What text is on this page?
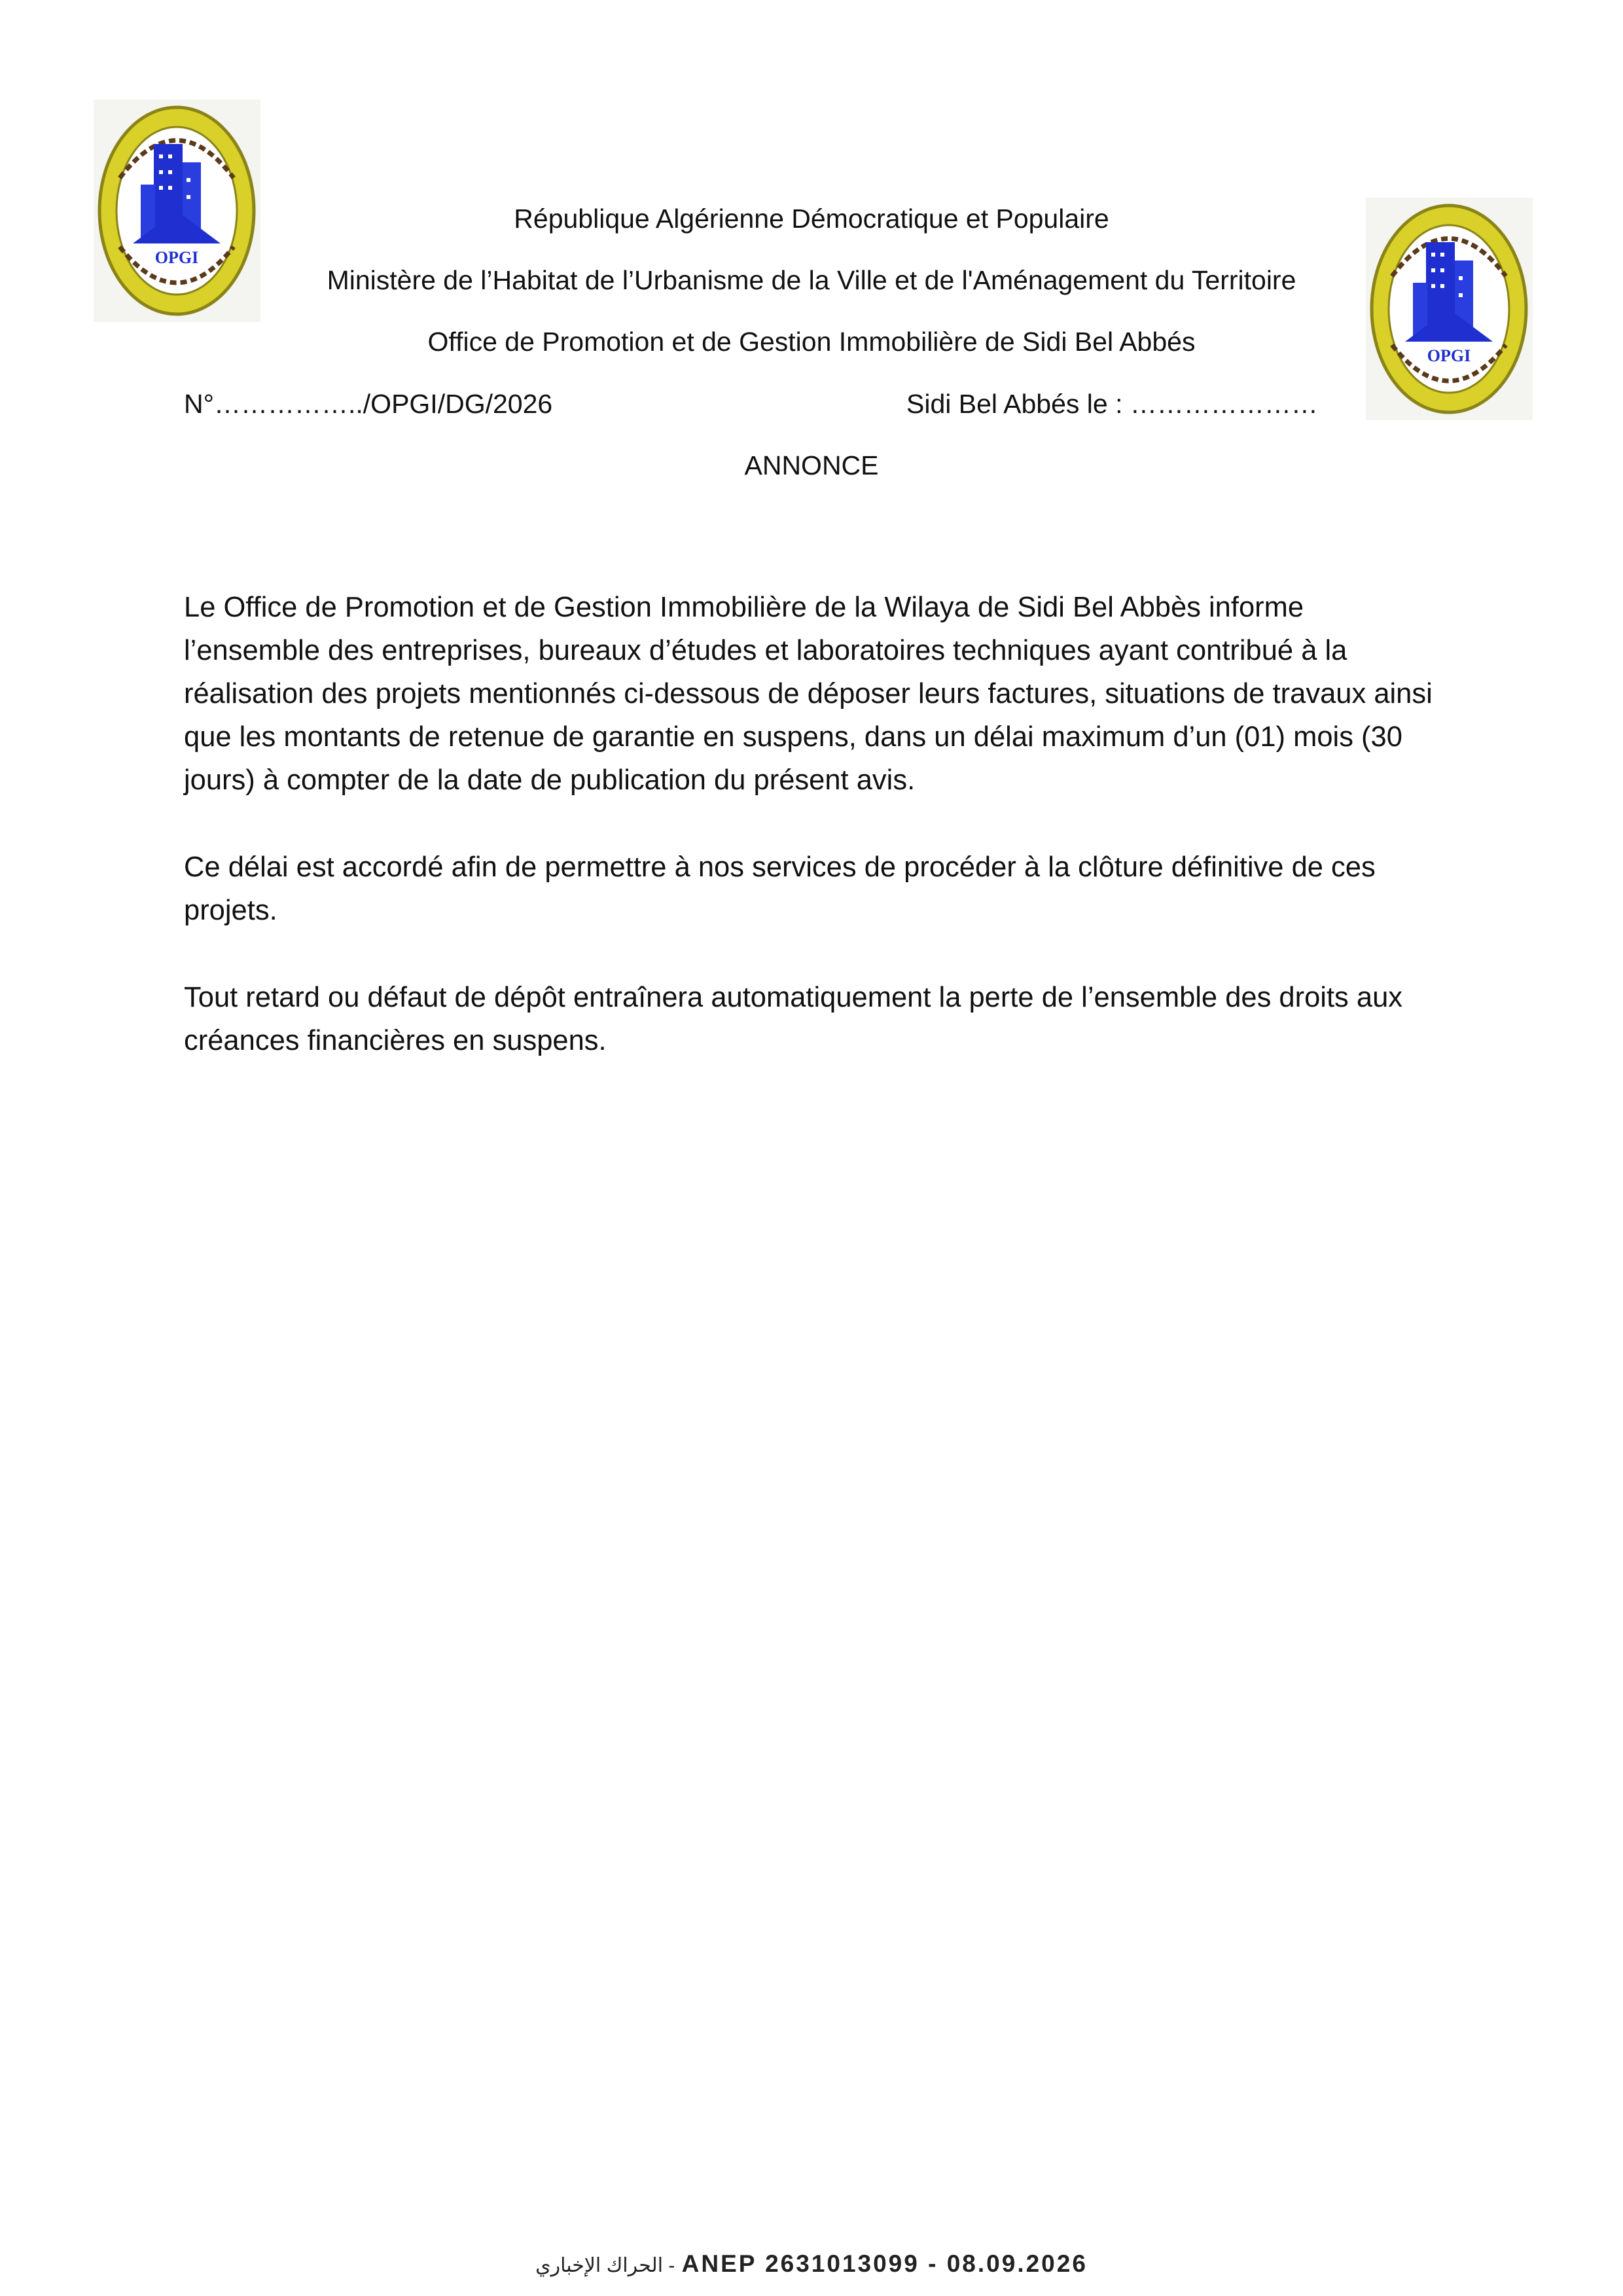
OPGI
OPGI
République Algérienne Démocratique et Populaire
Ministère de l’Habitat de l’Urbanisme de la Ville et de l'Aménagement du Territoire
Office de Promotion et de Gestion Immobilière de Sidi Bel Abbés
N°……………../OPGI/DG/2026	Sidi Bel Abbés le : …………………
ANNONCE

Le Office de Promotion et de Gestion Immobilière de la Wilaya de Sidi Bel Abbès informe l’ensemble des entreprises, bureaux d’études et laboratoires techniques ayant contribué à la réalisation des projets mentionnés ci-dessous de déposer leurs factures, situations de travaux ainsi que les montants de retenue de garantie en suspens, dans un délai maximum d’un (01) mois (30 jours) à compter de la date de publication du présent avis.

Ce délai est accordé afin de permettre à nos services de procéder à la clôture définitive de ces projets.

Tout retard ou défaut de dépôt entraînera automatiquement la perte de l’ensemble des droits aux créances financières en suspens.

الحراك الإخباري - ANEP 2631013099 - 08.09.2026
